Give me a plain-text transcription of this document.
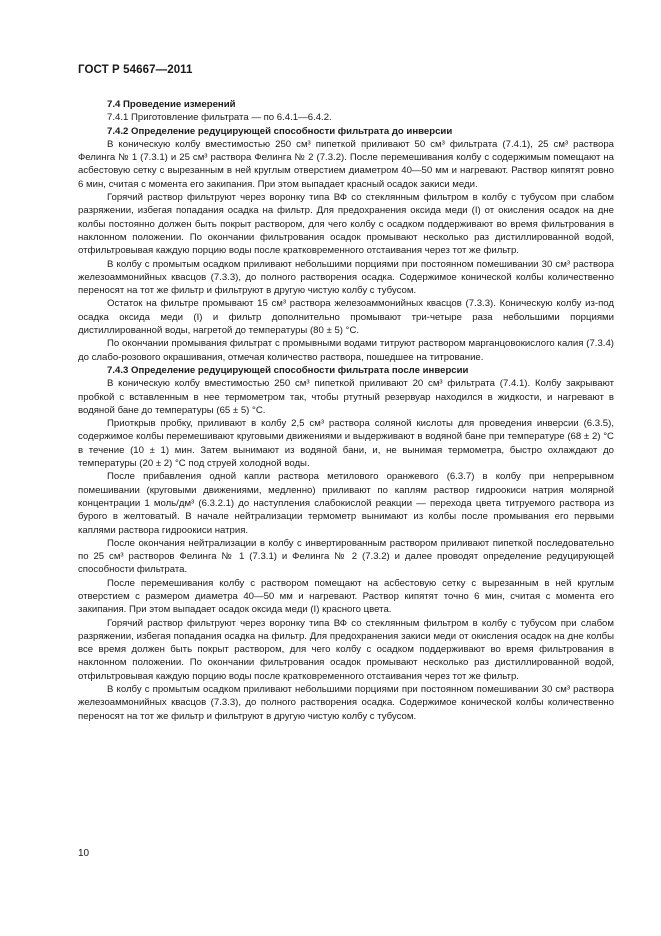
ГОСТ Р 54667—2011

7.4 Проведение измерений

7.4.1 Приготовление фильтрата — по 6.4.1—6.4.2.

7.4.2 Определение редуцирующей способности фильтрата до инверсии

В коническую колбу вместимостью 250 см³ пипеткой приливают 50 см³ фильтрата (7.4.1), 25 см³ раствора Фелинга № 1 (7.3.1) и 25 см³ раствора Фелинга № 2 (7.3.2). После перемешивания колбу с содержимым помещают на асбестовую сетку с вырезанным в ней круглым отверстием диаметром 40—50 мм и нагревают. Раствор кипятят ровно 6 мин, считая с момента его закипания. При этом выпадает красный осадок закиси меди.

Горячий раствор фильтруют через воронку типа ВФ со стеклянным фильтром в колбу с тубусом при слабом разряжении, избегая попадания осадка на фильтр. Для предохранения оксида меди (I) от окисления осадок на дне колбы постоянно должен быть покрыт раствором, для чего колбу с осадком поддерживают во время фильтрования в наклонном положении. По окончании фильтрования осадок промывают несколько раз дистиллированной водой, отфильтровывая каждую порцию воды после кратковременного отстаивания через тот же фильтр.

В колбу с промытым осадком приливают небольшими порциями при постоянном помешивании 30 см³ раствора железоаммонийных квасцов (7.3.3), до полного растворения осадка. Содержимое конической колбы количественно переносят на тот же фильтр и фильтруют в другую чистую колбу с тубусом.

Остаток на фильтре промывают 15 см³ раствора железоаммонийных квасцов (7.3.3). Коническую колбу из-под осадка оксида меди (I) и фильтр дополнительно промывают три-четыре раза небольшими порциями дистиллированной воды, нагретой до температуры (80 ± 5) °С.

По окончании промывания фильтрат с промывными водами титруют раствором марганцовокислого калия (7.3.4) до слабо-розового окрашивания, отмечая количество раствора, пошедшее на титрование.

7.4.3 Определение редуцирующей способности фильтрата после инверсии

В коническую колбу вместимостью 250 см³ пипеткой приливают 20 см³ фильтрата (7.4.1). Колбу закрывают пробкой с вставленным в нее термометром так, чтобы ртутный резервуар находился в жидкости, и нагревают в водяной бане до температуры (65 ± 5) °С.

Приоткрыв пробку, приливают в колбу 2,5 см³ раствора соляной кислоты для проведения инверсии (6.3.5), содержимое колбы перемешивают круговыми движениями и выдерживают в водяной бане при температуре (68 ± 2) °С в течение (10 ± 1) мин. Затем вынимают из водяной бани, и, не вынимая термометра, быстро охлаждают до температуры (20 ± 2) °С под струей холодной воды.

После прибавления одной капли раствора метилового оранжевого (6.3.7) в колбу при непрерывном помешивании (круговыми движениями, медленно) приливают по каплям раствор гидроокиси натрия молярной концентрации 1 моль/дм³ (6.3.2.1) до наступления слабокислой реакции — перехода цвета титруемого раствора из бурого в желтоватый. В начале нейтрализации термометр вынимают из колбы после промывания его первыми каплями раствора гидроокиси натрия.

После окончания нейтрализации в колбу с инвертированным раствором приливают пипеткой последовательно по 25 см³ растворов Фелинга № 1 (7.3.1) и Фелинга № 2 (7.3.2) и далее проводят определение редуцирующей способности фильтрата.

После перемешивания колбу с раствором помещают на асбестовую сетку с вырезанным в ней круглым отверстием с размером диаметра 40—50 мм и нагревают. Раствор кипятят точно 6 мин, считая с момента его закипания. При этом выпадает осадок оксида меди (I) красного цвета.

Горячий раствор фильтруют через воронку типа ВФ со стеклянным фильтром в колбу с тубусом при слабом разряжении, избегая попадания осадка на фильтр. Для предохранения закиси меди от окисления осадок на дне колбы все время должен быть покрыт раствором, для чего колбу с осадком поддерживают во время фильтрования в наклонном положении. По окончании фильтрования осадок промывают несколько раз дистиллированной водой, отфильтровывая каждую порцию воды после кратковременного отстаивания через тот же фильтр.

В колбу с промытым осадком приливают небольшими порциями при постоянном помешивании 30 см³ раствора железоаммонийных квасцов (7.3.3), до полного растворения осадка. Содержимое конической колбы количественно переносят на тот же фильтр и фильтруют в другую чистую колбу с тубусом.

10
